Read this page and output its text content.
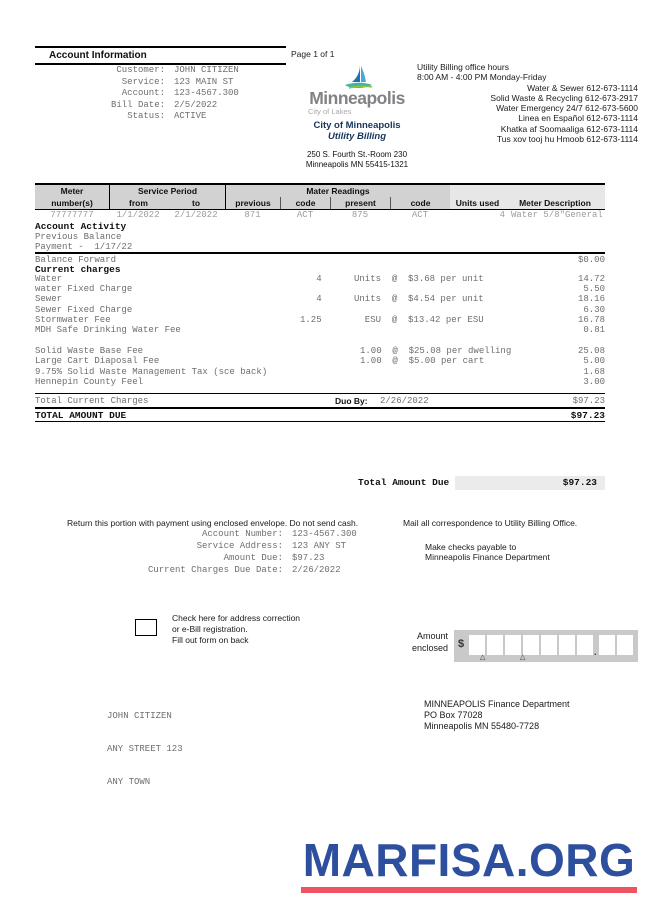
Account Information	Page 1 of 1
Customer: JOHN CITIZEN
Service: 123 MAIN ST
Account: 123-4567.300
Bill Date: 2/5/2022
Status: ACTIVE
Minneapolis
City of Lakes
City of Minneapolis
Utility Billing
250 S. Fourth St.-Room 230
Minneapolis MN 55415-1321
Utility Billing office hours
8:00 AM - 4:00 PM Monday-Friday
Water & Sewer 612-673-1114
Solid Waste & Recycling 612-673-2917
Water Emergency 24/7 612-673-5600
Linea en Español 612-673-1114
Khatka af Soomaaliga 612-673-1114
Tus xov tooj hu Hmoob 612-673-1114
Meter	Service Period	Mater Readings
number(s)	from	to	previous	code	present	code	Units used	Meter Description
77777777	1/1/2022	2/1/2022	871	ACT	875	ACT	4 Water 5/8"General
Account Activity
Previous Balance
Payment -  1/17/22
Balance Forward	$0.00
Current charges
Water	4      Units  @  $3.68 per unit	14.72
water Fixed Charge	5.50
Sewer	4      Units  @  $4.54 per unit	18.16
Sewer Fixed Charge	6.30
Stormwater Fee	1.25        ESU  @  $13.42 per ESU	16.78
MDH Safe Drinking Water Fee	0.81
Solid Waste Base Fee	1.00  @  $25.08 per dwelling	25.08
Large Cart Diaposal Fee	1.00  @  $5.00 per cart	5.00
9.75% Solid Waste Management Tax (sce back)	1.68
Hennepin County Feel	3.00
Total Current Charges	Duo By: 2/26/2022	$97.23
TOTAL AMOUNT DUE	$97.23
Total Amount Due	$97.23
Return this portion with payment using enclosed envelope. Do not send cash.	Mail all correspondence to Utility Billing Office.
Account Number: 123-4567.300
Service Address: 123 ANY ST
Amount Due: $97.23
Current Charges Due Date: 2/26/2022
Make checks payable to
Minneapolis Finance Department
Check here for address correction
or e-Bill registration.
Fill out form on back	Amount
enclosed $
.
△	△

JOHN CITIZEN

ANY STREET 123

ANY TOWN

MINNEAPOLIS Finance Department
PO Box 77028
Minneapolis MN 55480-7728
MARFISA.ORG
